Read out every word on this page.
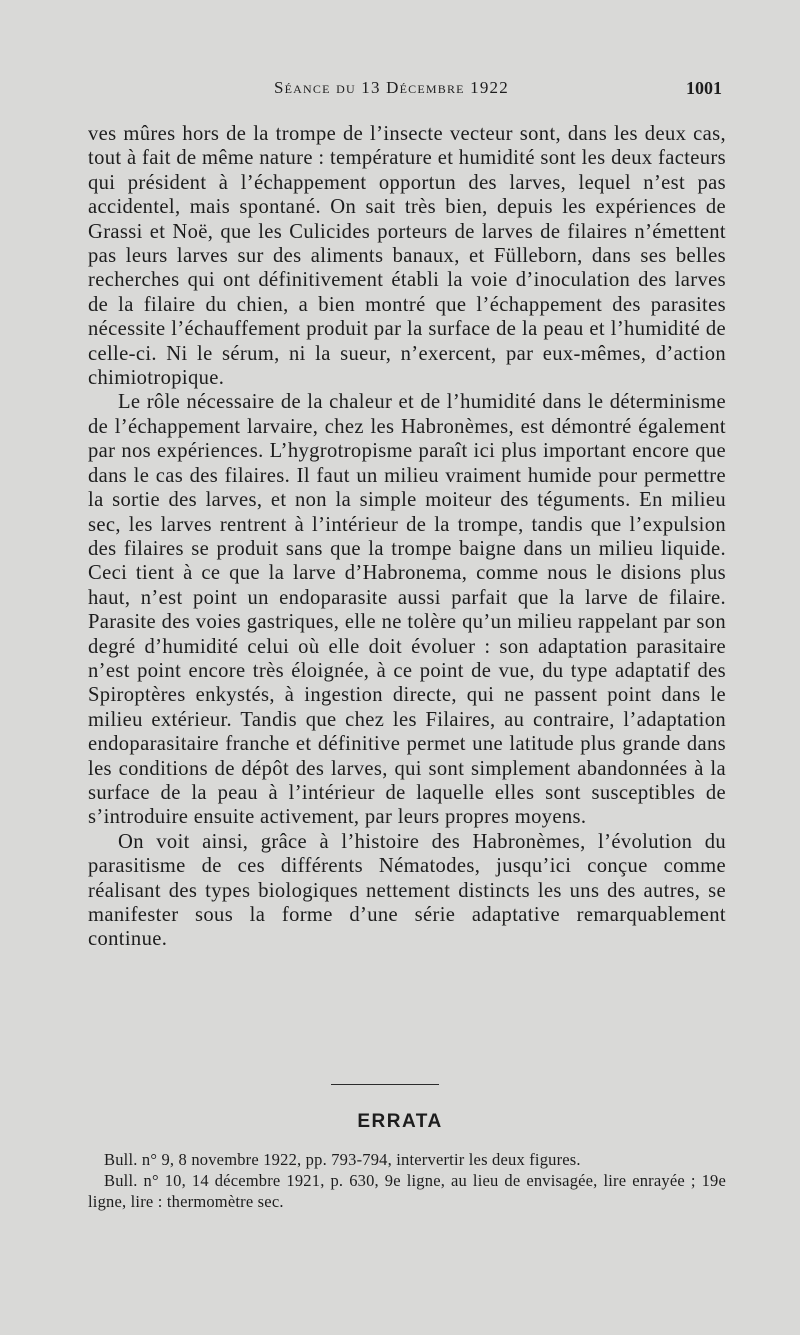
Séance du 13 Décembre 1922	1001

ves mûres hors de la trompe de l’insecte vecteur sont, dans les deux cas, tout à fait de même nature : température et humidité sont les deux facteurs qui président à l’échappement opportun des larves, lequel n’est pas accidentel, mais spontané. On sait très bien, depuis les expériences de Grassi et Noë, que les Culicides porteurs de larves de filaires n’émettent pas leurs larves sur des aliments banaux, et Fülleborn, dans ses belles recherches qui ont définitivement établi la voie d’inoculation des larves de la filaire du chien, a bien montré que l’échappement des parasites nécessite l’échauffement produit par la surface de la peau et l’humidité de celle-ci. Ni le sérum, ni la sueur, n’exercent, par eux-mêmes, d’action chimiotropique.

Le rôle nécessaire de la chaleur et de l’humidité dans le déterminisme de l’échappement larvaire, chez les Habronèmes, est démontré également par nos expériences. L’hygrotropisme paraît ici plus important encore que dans le cas des filaires. Il faut un milieu vraiment humide pour permettre la sortie des larves, et non la simple moiteur des téguments. En milieu sec, les larves rentrent à l’intérieur de la trompe, tandis que l’expulsion des filaires se produit sans que la trompe baigne dans un milieu liquide. Ceci tient à ce que la larve d’Habronema, comme nous le disions plus haut, n’est point un endoparasite aussi parfait que la larve de filaire. Parasite des voies gastriques, elle ne tolère qu’un milieu rappelant par son degré d’humidité celui où elle doit évoluer : son adaptation parasitaire n’est point encore très éloignée, à ce point de vue, du type adaptatif des Spiroptères enkystés, à ingestion directe, qui ne passent point dans le milieu extérieur. Tandis que chez les Filaires, au contraire, l’adaptation endoparasitaire franche et définitive permet une latitude plus grande dans les conditions de dépôt des larves, qui sont simplement abandonnées à la surface de la peau à l’intérieur de laquelle elles sont susceptibles de s’introduire ensuite activement, par leurs propres moyens.

On voit ainsi, grâce à l’histoire des Habronèmes, l’évolution du parasitisme de ces différents Nématodes, jusqu’ici conçue comme réalisant des types biologiques nettement distincts les uns des autres, se manifester sous la forme d’une série adaptative remarquablement continue.

ERRATA

Bull. n° 9, 8 novembre 1922, pp. 793-794, intervertir les deux figures.

Bull. n° 10, 14 décembre 1921, p. 630, 9e ligne, au lieu de envisagée, lire enrayée ; 19e ligne, lire : thermomètre sec.
